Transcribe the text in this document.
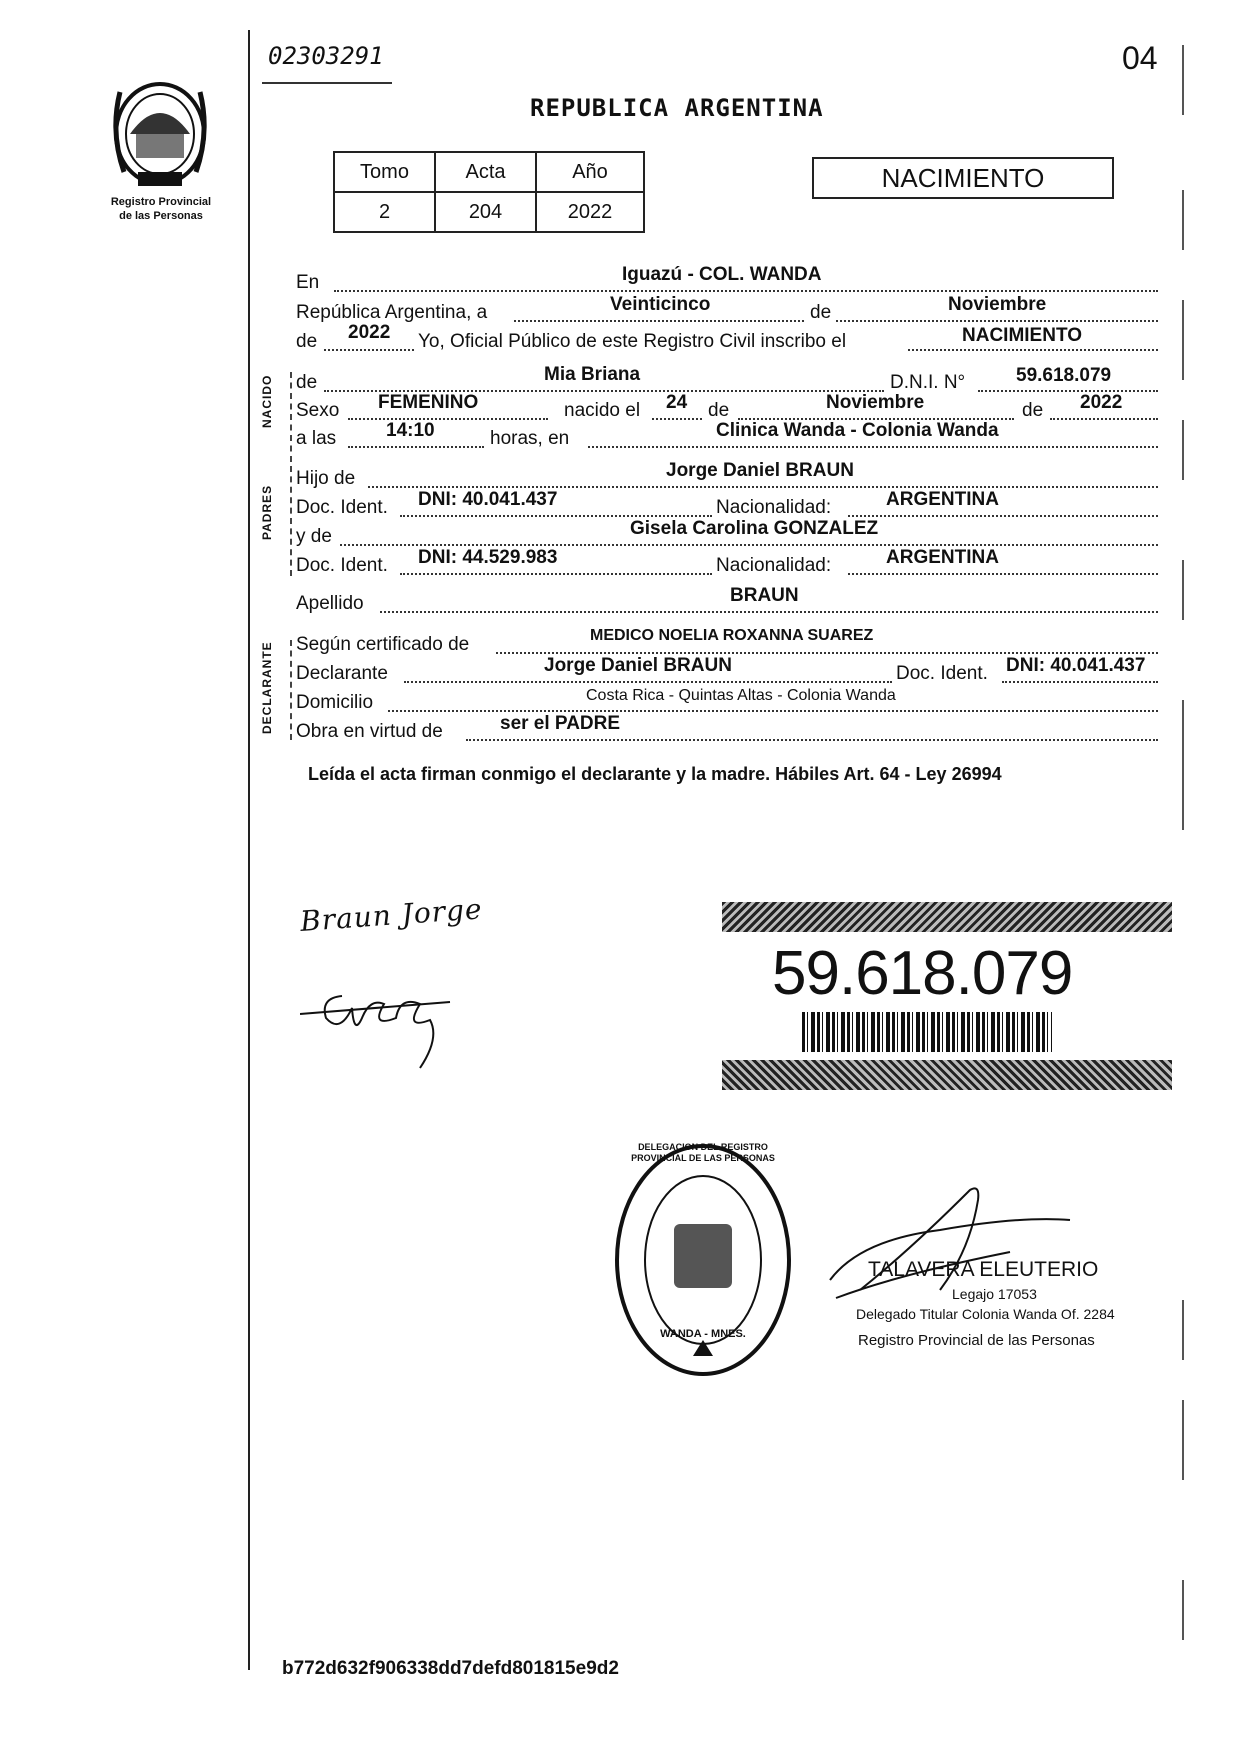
Registro Provincial
de las Personas
02303291	04
REPUBLICA ARGENTINA
Tomo	Acta	Año
2	204	2022
NACIMIENTO
NACIDO
PADRES
DECLARANTE
En	Iguazú - COL. WANDA
República Argentina, a	Veinticinco	de	Noviembre
de 2022 Yo, Oficial Público de este Registro Civil inscribo el	NACIMIENTO
de	Mia Briana	D.N.I. N°	59.618.079
Sexo FEMENINO	nacido el 24 de	Noviembre	de 2022
a las	14:10	horas, en	Clinica Wanda - Colonia Wanda
Hijo de	Jorge Daniel BRAUN
Doc. Ident. DNI: 40.041.437	Nacionalidad:	ARGENTINA
y de	Gisela Carolina GONZALEZ
Doc. Ident. DNI: 44.529.983	Nacionalidad:	ARGENTINA
Apellido	BRAUN
Según certificado de	MEDICO NOELIA ROXANNA SUAREZ
Declarante	Jorge Daniel BRAUN	Doc. Ident. DNI: 40.041.437
Domicilio	Costa Rica - Quintas Altas - Colonia Wanda
Obra en virtud de	ser el PADRE
Leída el acta firman conmigo el declarante y la madre. Hábiles Art. 64 - Ley 26994
Braun Jorge
59.618.079
DELEGACION DEL REGISTRO PROVINCIAL DE LAS PERSONAS
WANDA - MNES.
TALAVERA ELEUTERIO
Legajo 17053
Delegado Titular Colonia Wanda Of. 2284
Registro Provincial de las Personas
b772d632f906338dd7defd801815e9d2
